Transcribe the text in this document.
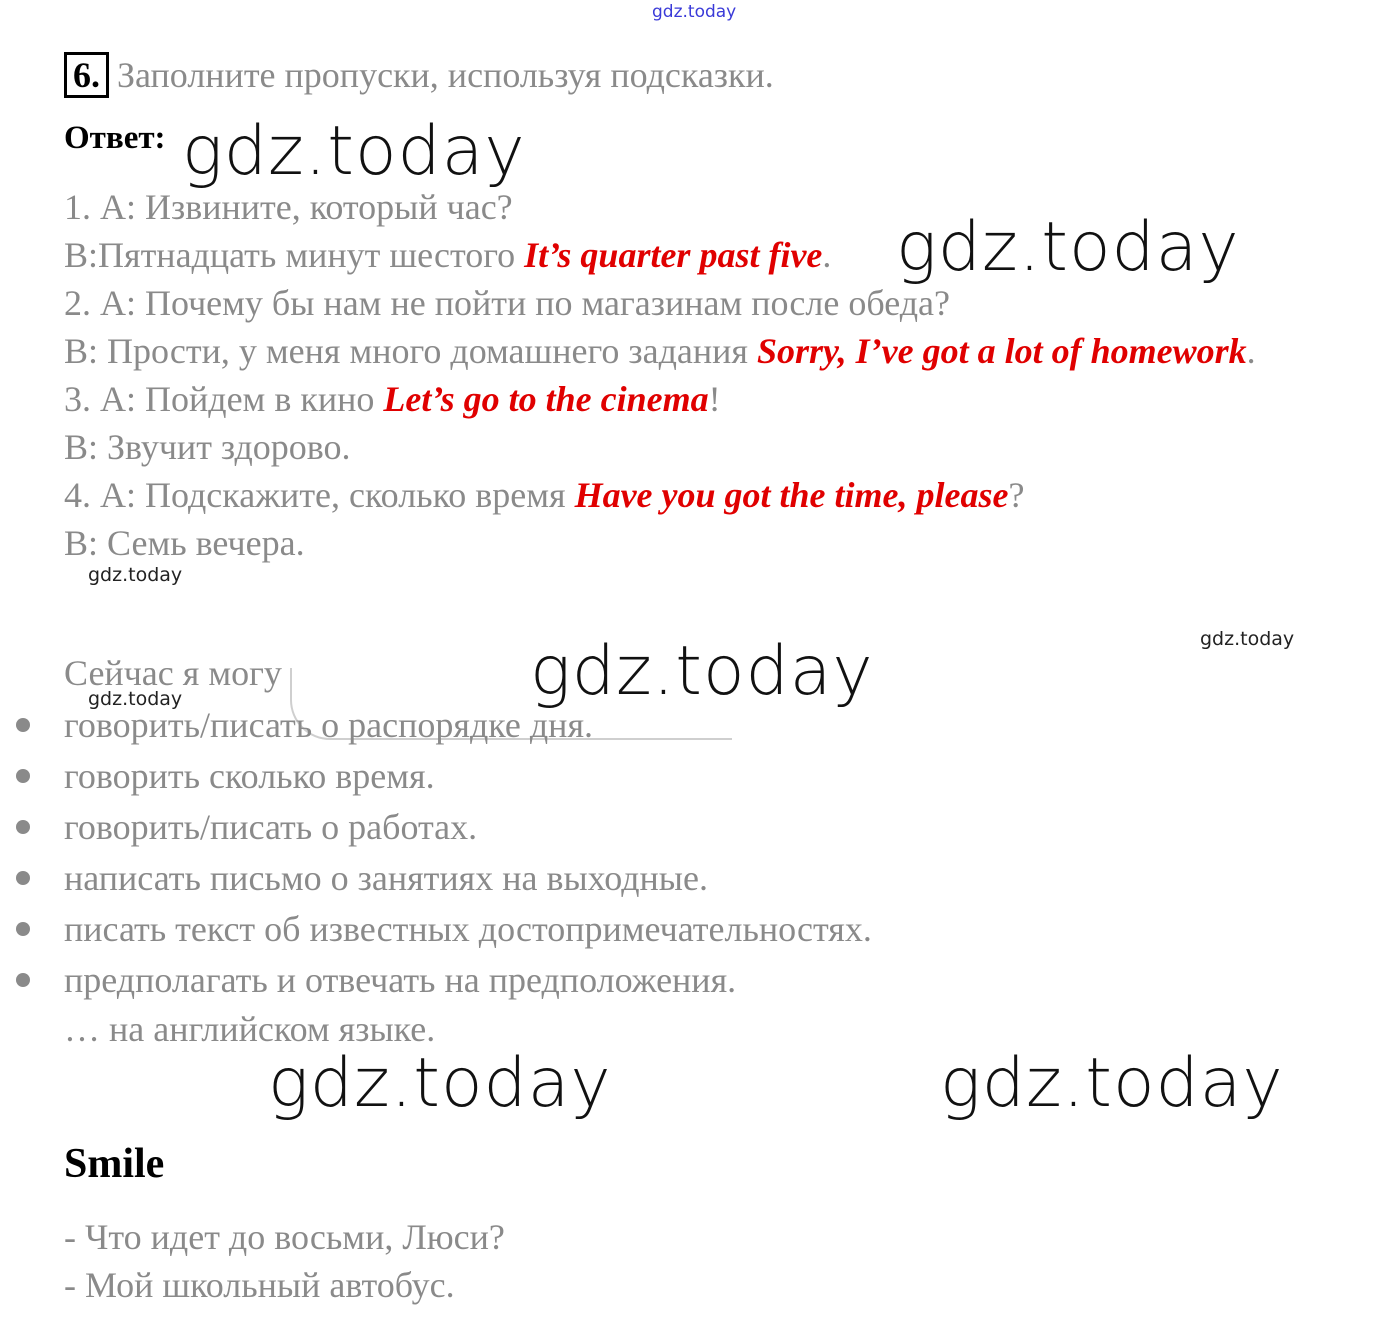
gdz.today
6. Заполните пропуски, используя подсказки.
Ответ: gdz.today
1. А: Извините, который час?
В:Пятнадцать минут шестого It’s quarter past five. gdz.today
2. А: Почему бы нам не пойти по магазинам после обеда?
В: Прости, у меня много домашнего задания Sorry, I’ve got a lot of homework.
3. А: Пойдем в кино Let’s go to the cinema!
В: Звучит здорово.
4. А: Подскажите, сколько время Have you got the time, please?
В: Семь вечера.
gdz.today
gdz.today
Сейчас я могу	gdz.today
gdz.today
говорить/писать о распорядке дня.
говорить сколько время.
говорить/писать о работах.
написать письмо о занятиях на выходные.
писать текст об известных достопримечательностях.
предполагать и отвечать на предположения.
… на английском языке.
gdz.today	gdz.today
Smile
- Что идет до восьми, Люси?
- Мой школьный автобус.
